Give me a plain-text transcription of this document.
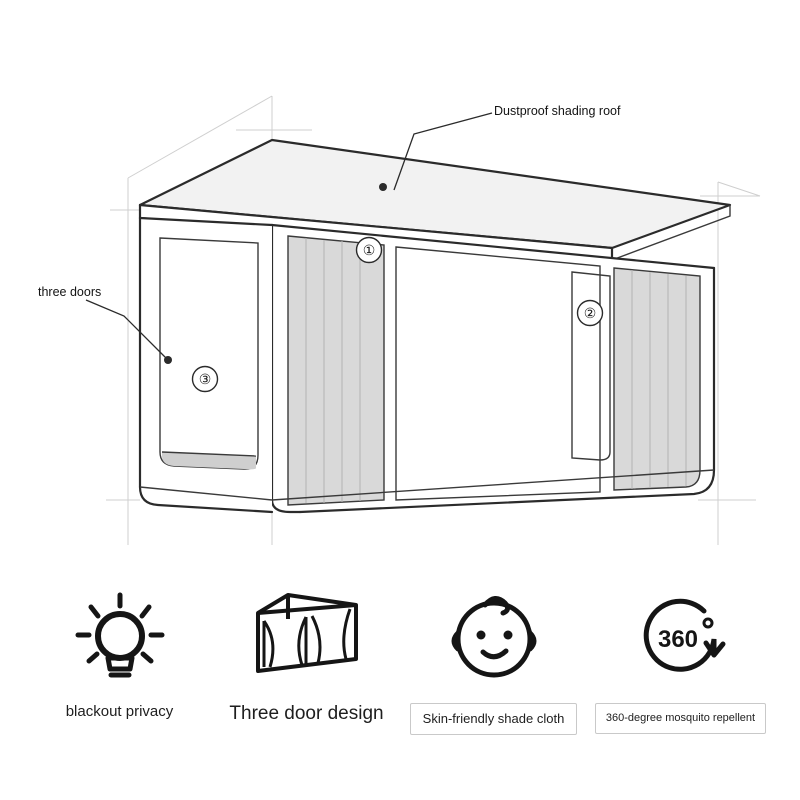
①
②
③
Dustproof shading roof
three doors
blackout privacy	Three door design	Skin-friendly shade cloth
360
360-degree mosquito repellent
